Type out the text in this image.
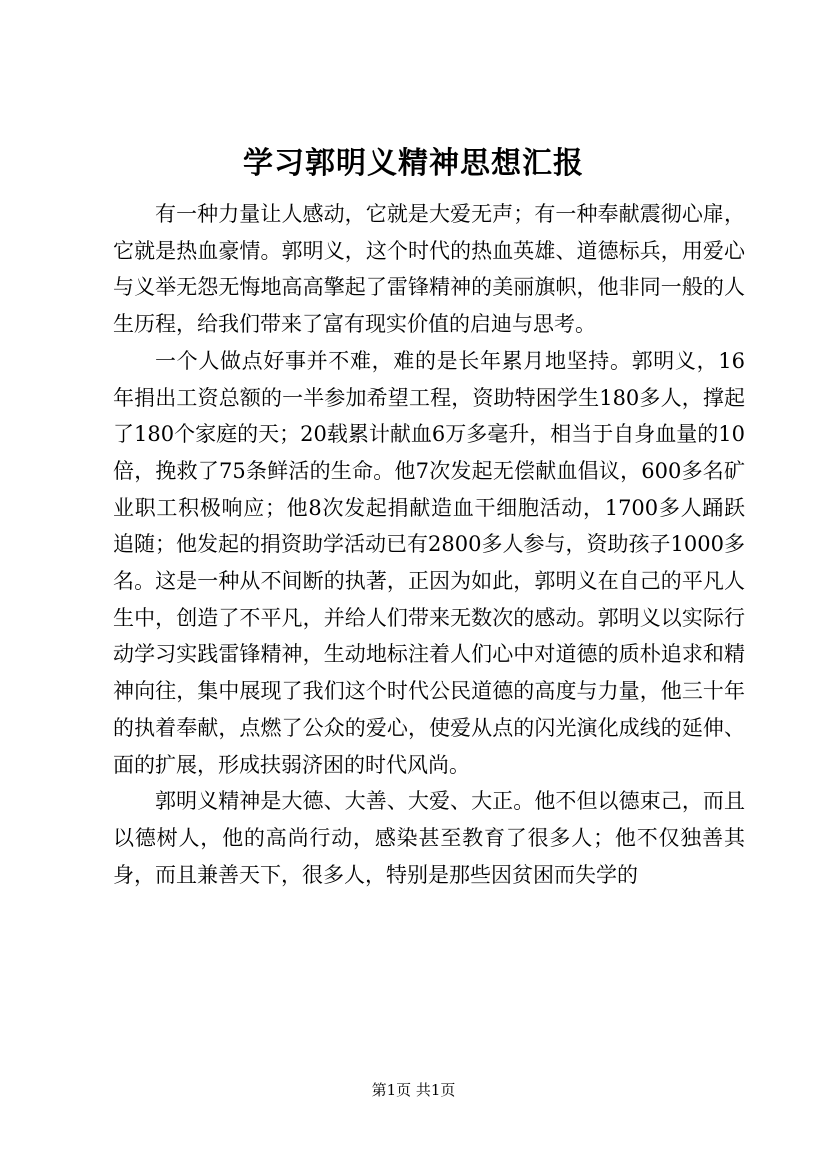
学习郭明义精神思想汇报

有一种力量让人感动，它就是大爱无声；有一种奉献震彻心扉，它就是热血豪情。郭明义，这个时代的热血英雄、道德标兵，用爱心与义举无怨无悔地高高擎起了雷锋精神的美丽旗帜，他非同一般的人生历程，给我们带来了富有现实价值的启迪与思考。

一个人做点好事并不难，难的是长年累月地坚持。郭明义，16年捐出工资总额的一半参加希望工程，资助特困学生180多人，撑起了180个家庭的天；20载累计献血6万多毫升，相当于自身血量的10倍，挽救了75条鲜活的生命。他7次发起无偿献血倡议，600多名矿业职工积极响应；他8次发起捐献造血干细胞活动，1700多人踊跃追随；他发起的捐资助学活动已有2800多人参与，资助孩子1000多名。这是一种从不间断的执著，正因为如此，郭明义在自己的平凡人生中，创造了不平凡，并给人们带来无数次的感动。郭明义以实际行动学习实践雷锋精神，生动地标注着人们心中对道德的质朴追求和精神向往，集中展现了我们这个时代公民道德的高度与力量，他三十年的执着奉献，点燃了公众的爱心，使爱从点的闪光演化成线的延伸、面的扩展，形成扶弱济困的时代风尚。

郭明义精神是大德、大善、大爱、大正。他不但以德束己，而且以德树人，他的高尚行动，感染甚至教育了很多人；他不仅独善其身，而且兼善天下，很多人，特别是那些因贫困而失学的

第1页 共1页
